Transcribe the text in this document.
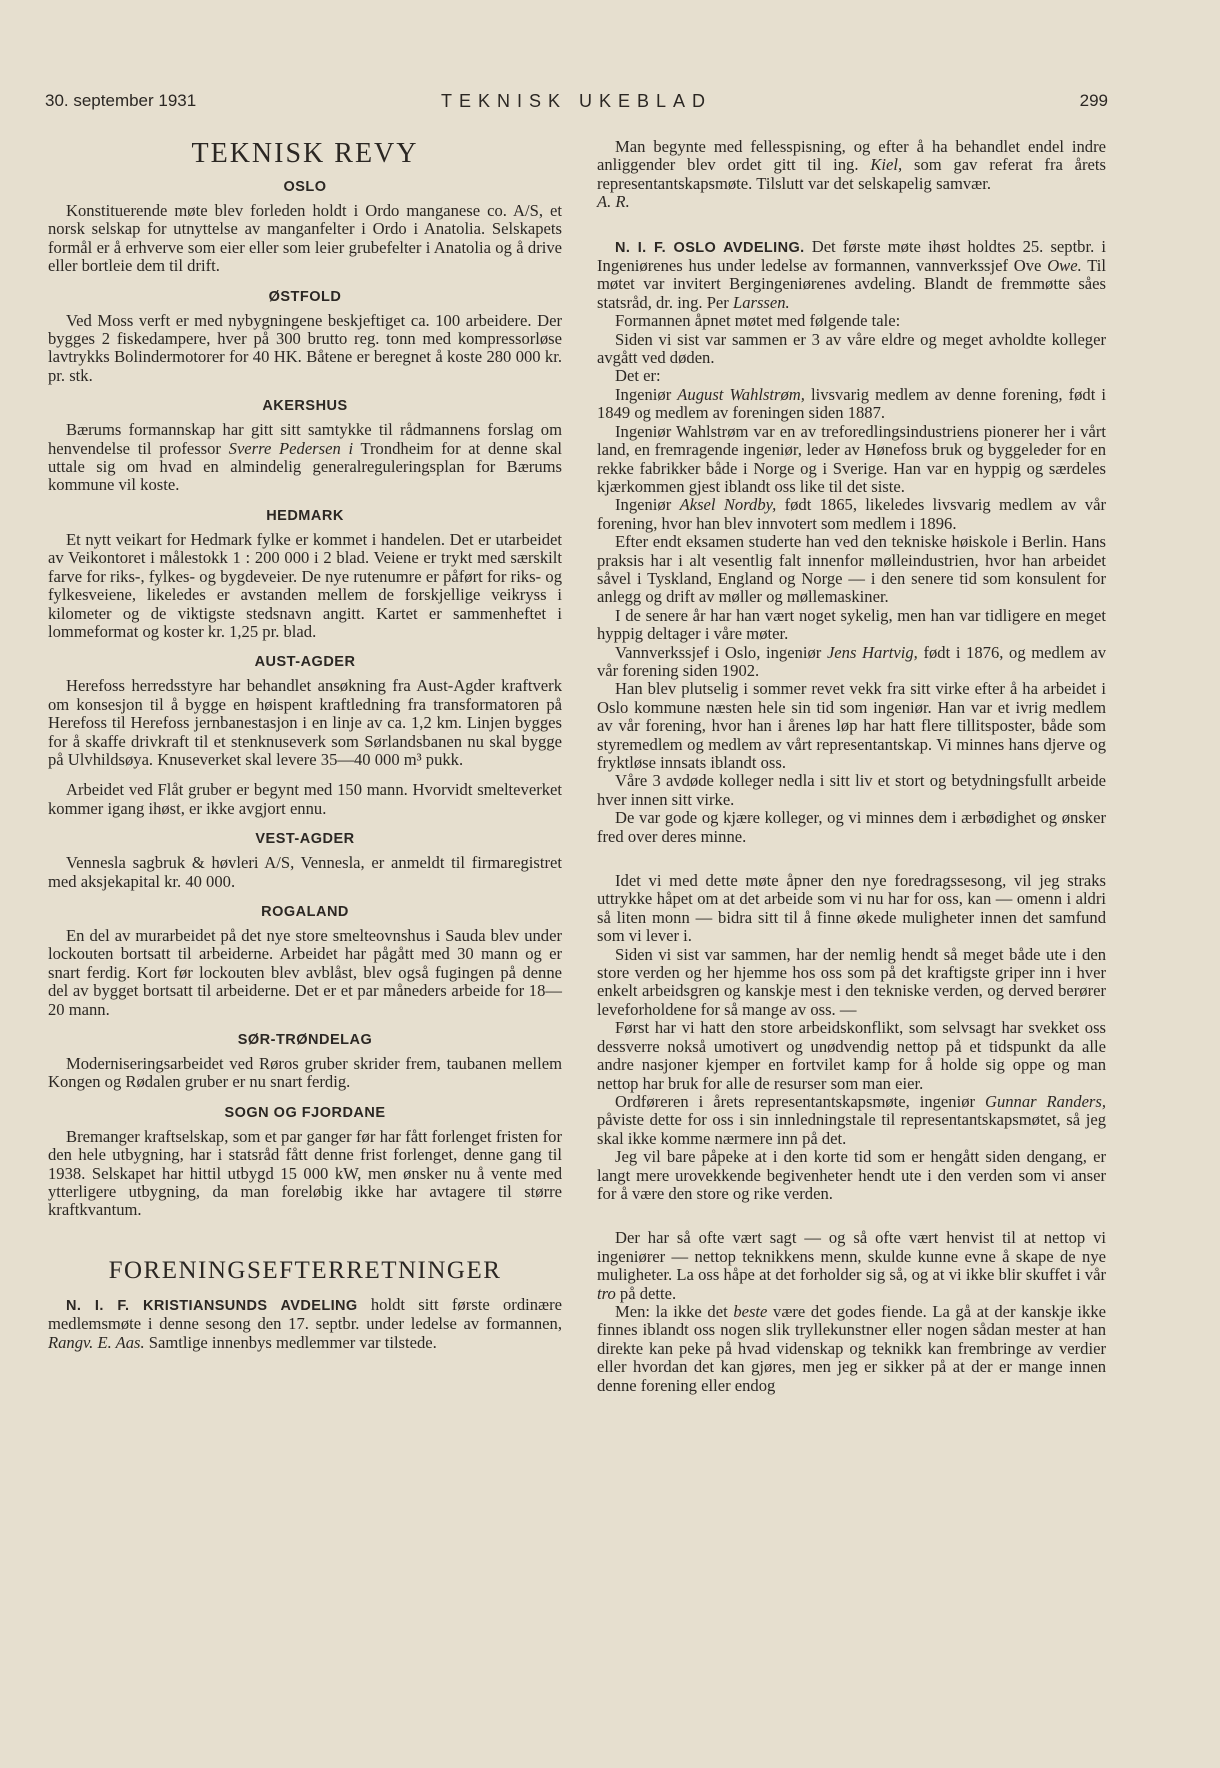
30. september 1931	TEKNISK UKEBLAD	299
TEKNISK REVY
OSLO

Konstituerende møte blev forleden holdt i Ordo manganese co. A/S, et norsk selskap for utnyttelse av manganfelter i Ordo i Anatolia. Selskapets formål er å erhverve som eier eller som leier grubefelter i Anatolia og å drive eller bortleie dem til drift.

ØSTFOLD

Ved Moss verft er med nybygningene beskjeftiget ca. 100 arbeidere. Der bygges 2 fiskedampere, hver på 300 brutto reg. tonn med kompressorløse lavtrykks Bolindermotorer for 40 HK. Båtene er beregnet å koste 280 000 kr. pr. stk.

AKERSHUS

Bærums formannskap har gitt sitt samtykke til rådmannens forslag om henvendelse til professor Sverre Pedersen i Trondheim for at denne skal uttale sig om hvad en almindelig generalreguleringsplan for Bærums kommune vil koste.

HEDMARK

Et nytt veikart for Hedmark fylke er kommet i handelen. Det er utarbeidet av Veikontoret i målestokk 1 : 200 000 i 2 blad. Veiene er trykt med særskilt farve for riks-, fylkes- og bygdeveier. De nye rutenumre er påført for riks- og fylkesveiene, likeledes er avstanden mellem de forskjellige veikryss i kilometer og de viktigste stedsnavn angitt. Kartet er sammenheftet i lommeformat og koster kr. 1,25 pr. blad.

AUST-AGDER

Herefoss herredsstyre har behandlet ansøkning fra Aust-Agder kraftverk om konsesjon til å bygge en høispent kraftledning fra transformatoren på Herefoss til Herefoss jernbanestasjon i en linje av ca. 1,2 km. Linjen bygges for å skaffe drivkraft til et stenknuseverk som Sørlandsbanen nu skal bygge på Ulvhildsøya. Knuseverket skal levere 35—40 000 m³ pukk.

Arbeidet ved Flåt gruber er begynt med 150 mann. Hvorvidt smelteverket kommer igang ihøst, er ikke avgjort ennu.

VEST-AGDER

Vennesla sagbruk & høvleri A/S, Vennesla, er anmeldt til firmaregistret med aksjekapital kr. 40 000.

ROGALAND

En del av murarbeidet på det nye store smelteovnshus i Sauda blev under lockouten bortsatt til arbeiderne. Arbeidet har pågått med 30 mann og er snart ferdig. Kort før lockouten blev avblåst, blev også fugingen på denne del av bygget bortsatt til arbeiderne. Det er et par måneders arbeide for 18—20 mann.

SØR-TRØNDELAG

Moderniseringsarbeidet ved Røros gruber skrider frem, taubanen mellem Kongen og Rødalen gruber er nu snart ferdig.

SOGN OG FJORDANE

Bremanger kraftselskap, som et par ganger før har fått forlenget fristen for den hele utbygning, har i statsråd fått denne frist forlenget, denne gang til 1938. Selskapet har hittil utbygd 15 000 kW, men ønsker nu å vente med ytterligere utbygning, da man foreløbig ikke har avtagere til større kraftkvantum.

FORENINGSEFTERRETNINGER

N. I. F. KRISTIANSUNDS AVDELING holdt sitt første ordinære medlemsmøte i denne sesong den 17. septbr. under ledelse av formannen, Rangv. E. Aas. Samtlige innenbys medlemmer var tilstede.

Man begynte med fellesspisning, og efter å ha behandlet endel indre anliggender blev ordet gitt til ing. Kiel, som gav referat fra årets representantskapsmøte. Tilslutt var det selskapelig samvær.A. R.

N. I. F. OSLO AVDELING. Det første møte ihøst holdtes 25. septbr. i Ingeniørenes hus under ledelse av formannen, vannverkssjef Ove Owe. Til møtet var invitert Bergingeniørenes avdeling. Blandt de fremmøtte såes statsråd, dr. ing. Per Larssen.

Formannen åpnet møtet med følgende tale:

Siden vi sist var sammen er 3 av våre eldre og meget avholdte kolleger avgått ved døden.

Det er:

Ingeniør August Wahlstrøm, livsvarig medlem av denne forening, født i 1849 og medlem av foreningen siden 1887.

Ingeniør Wahlstrøm var en av treforedlingsindustriens pionerer her i vårt land, en fremragende ingeniør, leder av Hønefoss bruk og byggeleder for en rekke fabrikker både i Norge og i Sverige. Han var en hyppig og særdeles kjærkommen gjest iblandt oss like til det siste.

Ingeniør Aksel Nordby, født 1865, likeledes livsvarig medlem av vår forening, hvor han blev innvotert som medlem i 1896.

Efter endt eksamen studerte han ved den tekniske høiskole i Berlin. Hans praksis har i alt vesentlig falt innenfor mølleindustrien, hvor han arbeidet såvel i Tyskland, England og Norge — i den senere tid som konsulent for anlegg og drift av møller og møllemaskiner.

I de senere år har han vært noget sykelig, men han var tidligere en meget hyppig deltager i våre møter.

Vannverkssjef i Oslo, ingeniør Jens Hartvig, født i 1876, og medlem av vår forening siden 1902.

Han blev plutselig i sommer revet vekk fra sitt virke efter å ha arbeidet i Oslo kommune næsten hele sin tid som ingeniør. Han var et ivrig medlem av vår forening, hvor han i årenes løp har hatt flere tillitsposter, både som styremedlem og medlem av vårt representantskap. Vi minnes hans djerve og fryktløse innsats iblandt oss.

Våre 3 avdøde kolleger nedla i sitt liv et stort og betydningsfullt arbeide hver innen sitt virke.

De var gode og kjære kolleger, og vi minnes dem i ærbødighet og ønsker fred over deres minne.

Idet vi med dette møte åpner den nye foredragssesong, vil jeg straks uttrykke håpet om at det arbeide som vi nu har for oss, kan — omenn i aldri så liten monn — bidra sitt til å finne økede muligheter innen det samfund som vi lever i.

Siden vi sist var sammen, har der nemlig hendt så meget både ute i den store verden og her hjemme hos oss som på det kraftigste griper inn i hver enkelt arbeidsgren og kanskje mest i den tekniske verden, og derved berører leveforholdene for så mange av oss. —

Først har vi hatt den store arbeidskonflikt, som selvsagt har svekket oss dessverre nokså umotivert og unødvendig nettop på et tidspunkt da alle andre nasjoner kjemper en fortvilet kamp for å holde sig oppe og man nettop har bruk for alle de resurser som man eier.

Ordføreren i årets representantskapsmøte, ingeniør Gunnar Randers, påviste dette for oss i sin innledningstale til representantskapsmøtet, så jeg skal ikke komme nærmere inn på det.

Jeg vil bare påpeke at i den korte tid som er hengått siden dengang, er langt mere urovekkende begivenheter hendt ute i den verden som vi anser for å være den store og rike verden.

Der har så ofte vært sagt — og så ofte vært henvist til at nettop vi ingeniører — nettop teknikkens menn, skulde kunne evne å skape de nye muligheter. La oss håpe at det forholder sig så, og at vi ikke blir skuffet i vår tro på dette.

Men: la ikke det beste være det godes fiende. La gå at der kanskje ikke finnes iblandt oss nogen slik tryllekunstner eller nogen sådan mester at han direkte kan peke på hvad videnskap og teknikk kan frembringe av verdier eller hvordan det kan gjøres, men jeg er sikker på at der er mange innen denne forening eller endog
